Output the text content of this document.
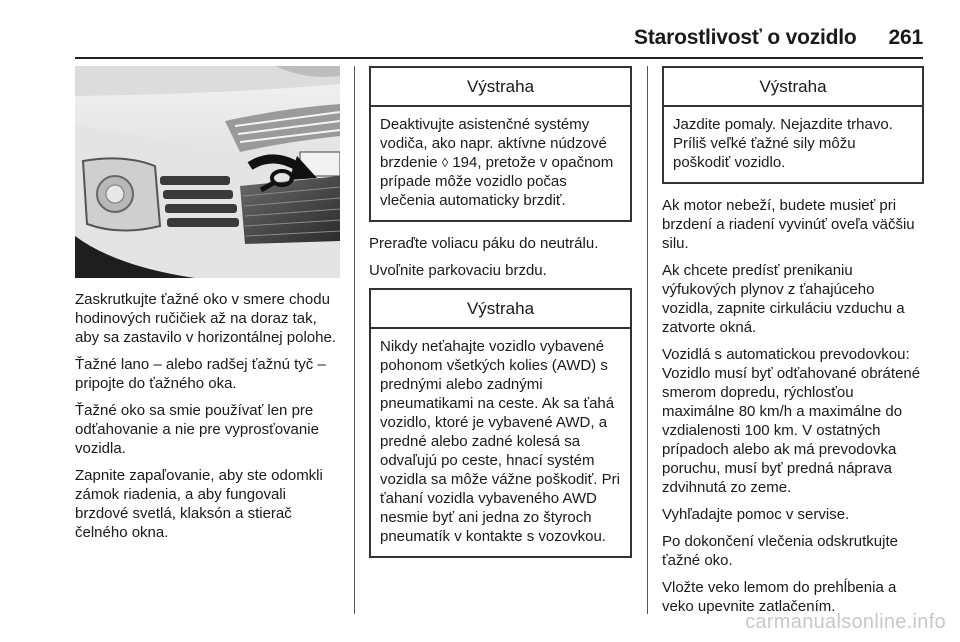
Starostlivosť o vozidlo 261

Zaskrutkujte ťažné oko v smere chodu hodinových ručičiek až na doraz tak, aby sa zastavilo v horizontálnej polohe.

Ťažné lano – alebo radšej ťažnú tyč – pripojte do ťažného oka.

Ťažné oko sa smie používať len pre odťahovanie a nie pre vyprosťovanie vozidla.

Zapnite zapaľovanie, aby ste odomkli zámok riadenia, a aby fungovali brzdové svetlá, klaksón a stierač čelného okna.

Výstraha
Deaktivujte asistenčné systémy vodiča, ako napr. aktívne núdzové brzdenie ◊ 194, pretože v opačnom prípade môže vozidlo počas vlečenia automaticky brzdiť.

Preraďte voliacu páku do neutrálu.

Uvoľnite parkovaciu brzdu.

Výstraha
Nikdy neťahajte vozidlo vybavené pohonom všetkých kolies (AWD) s prednými alebo zadnými pneumatikami na ceste. Ak sa ťahá vozidlo, ktoré je vybavené AWD, a predné alebo zadné kolesá sa odvaľujú po ceste, hnací systém vozidla sa môže vážne poškodiť. Pri ťahaní vozidla vybaveného AWD nesmie byť ani jedna zo štyroch pneumatík v kontakte s vozovkou.
Výstraha
Jazdite pomaly. Nejazdite trhavo. Príliš veľké ťažné sily môžu poškodiť vozidlo.

Ak motor nebeží, budete musieť pri brzdení a riadení vyvinúť oveľa väčšiu silu.

Ak chcete predísť prenikaniu výfukových plynov z ťahajúceho vozidla, zapnite cirkuláciu vzduchu a zatvorte okná.

Vozidlá s automatickou prevodovkou: Vozidlo musí byť odťahované obrátené smerom dopredu, rýchlosťou maximálne 80 km/h a maximálne do vzdialenosti 100 km. V ostatných prípadoch alebo ak má prevodovka poruchu, musí byť predná náprava zdvihnutá zo zeme.

Vyhľadajte pomoc v servise.

Po dokončení vlečenia odskrutkujte ťažné oko.

Vložte veko lemom do prehĺbenia a veko upevnite zatlačením.

carmanualsonline.info
